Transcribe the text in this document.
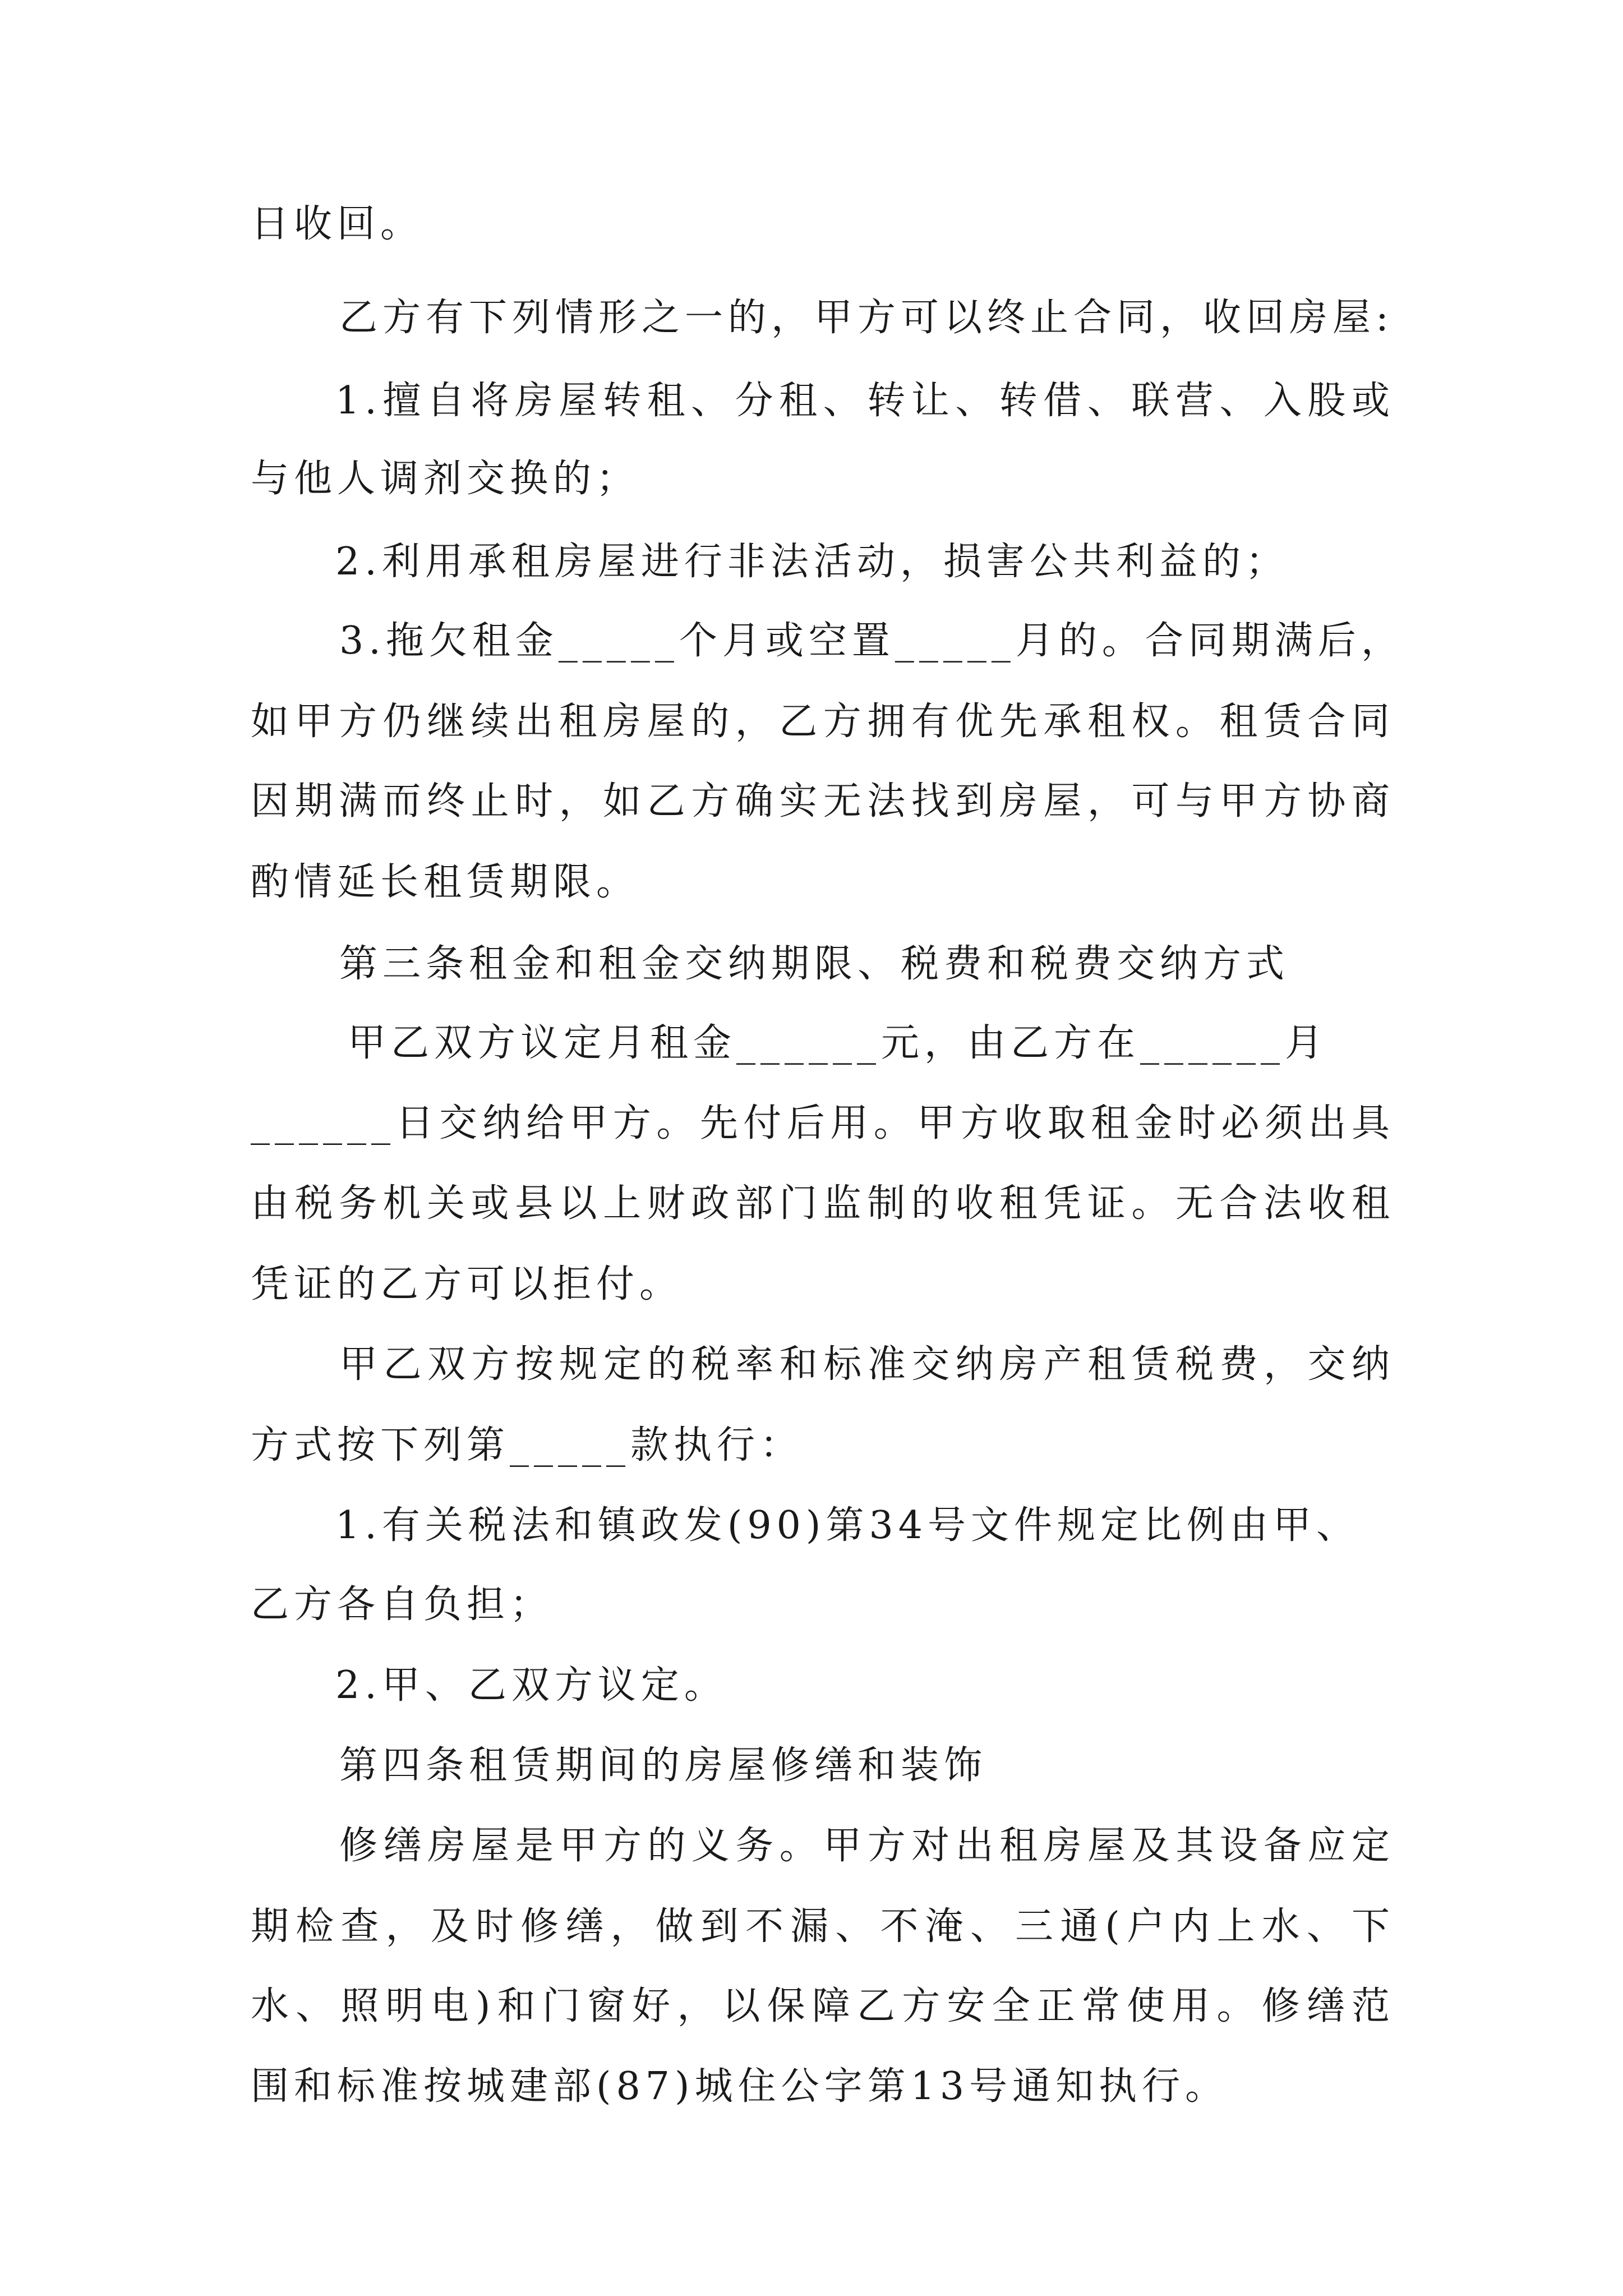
日收回。
乙方有下列情形之一的，甲方可以终止合同，收回房屋:
1.擅自将房屋转租、分租、转让、转借、联营、入股或
与他人调剂交换的；
2.利用承租房屋进行非法活动，损害公共利益的；
3.拖欠租金_____个月或空置_____月的。合同期满后，
如甲方仍继续出租房屋的，乙方拥有优先承租权。租赁合同
因期满而终止时，如乙方确实无法找到房屋，可与甲方协商
酌情延长租赁期限。
第三条租金和租金交纳期限、税费和税费交纳方式
甲乙双方议定月租金______元，由乙方在______月
______日交纳给甲方。先付后用。甲方收取租金时必须出具
由税务机关或县以上财政部门监制的收租凭证。无合法收租
凭证的乙方可以拒付。
甲乙双方按规定的税率和标准交纳房产租赁税费，交纳
方式按下列第_____款执行：
1.有关税法和镇政发(90)第34号文件规定比例由甲、
乙方各自负担；
2.甲、乙双方议定。
第四条租赁期间的房屋修缮和装饰
修缮房屋是甲方的义务。甲方对出租房屋及其设备应定
期检查，及时修缮，做到不漏、不淹、三通(户内上水、下
水、照明电)和门窗好，以保障乙方安全正常使用。修缮范
围和标准按城建部(87)城住公字第13号通知执行。
